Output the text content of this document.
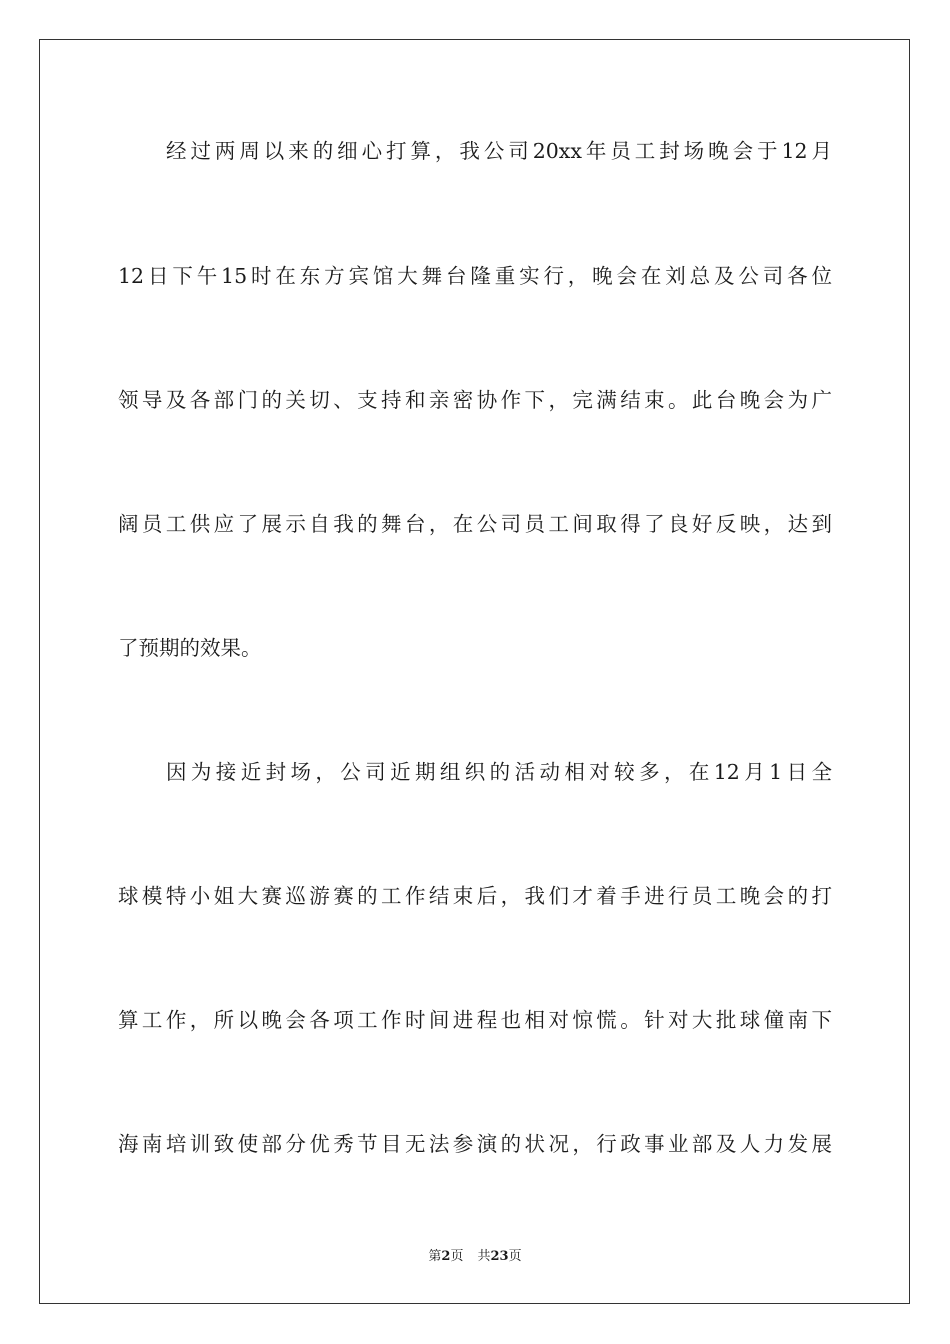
经过两周以来的细心打算，我公司20xx年员工封场晚会于12月
12日下午15时在东方宾馆大舞台隆重实行，晚会在刘总及公司各位
领导及各部门的关切、支持和亲密协作下，完满结束。此台晚会为广
阔员工供应了展示自我的舞台，在公司员工间取得了良好反映，达到
了预期的效果。
因为接近封场，公司近期组织的活动相对较多，在12月1日全
球模特小姐大赛巡游赛的工作结束后，我们才着手进行员工晚会的打
算工作，所以晚会各项工作时间进程也相对惊慌。针对大批球僮南下
海南培训致使部分优秀节目无法参演的状况，行政事业部及人力发展
第2页 共23页
